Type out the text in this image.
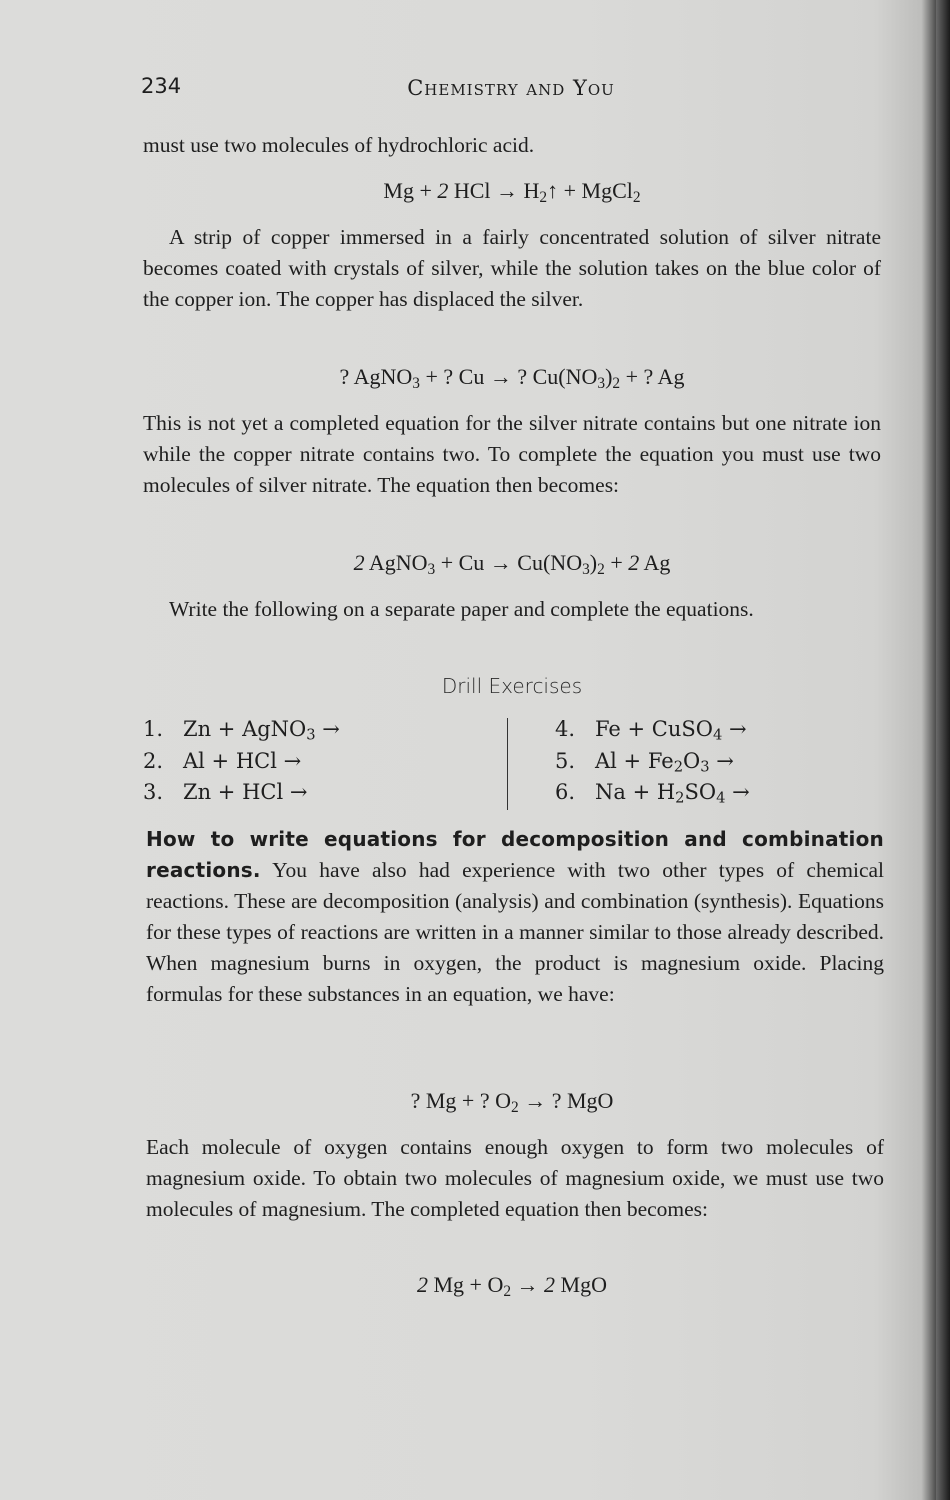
234	Chemistry and You

must use two molecules of hydrochloric acid.

Mg + 2 HCl → $H_2↑$ + MgCl$_2$

A strip of copper immersed in a fairly concentrated solution of silver nitrate becomes coated with crystals of silver, while the solution takes on the blue color of the copper ion. The copper has displaced the silver.

? AgNO$_3$ + ? Cu → ? $Cu(NO_3)_2$ + ? Ag

This is not yet a completed equation for the silver nitrate contains but one nitrate ion while the copper nitrate contains two. To complete the equation you must use two molecules of silver nitrate. The equation then becomes:

2 AgNO$_3$ + $Cu \to Cu(NO_3)_2 + 2$ Ag

Write the following on a separate paper and complete the equations.

Drill Exercises
1. Zn + AgNO$_3$ →
2. Al + HCl →
3. Zn + HCl →
4. Fe + CuSO$_4$ →
5. $Al + Fe_2O_3$ →
6. $Na + H_2SO_4$ →

How to write equations for decomposition and combination reactions. You have also had experience with two other types of chemical reactions. These are decomposition (analysis) and combination (synthesis). Equations for these types of reactions are written in a manner similar to those already described. When magnesium burns in oxygen, the product is magnesium oxide. Placing formulas for these substances in an equation, we have:

? Mg + ? $O_2$ → ? MgO

Each molecule of oxygen contains enough oxygen to form two molecules of magnesium oxide. To obtain two molecules of magnesium oxide, we must use two molecules of magnesium. The completed equation then becomes:

2 $Mg + O_2 \to 2$ MgO
